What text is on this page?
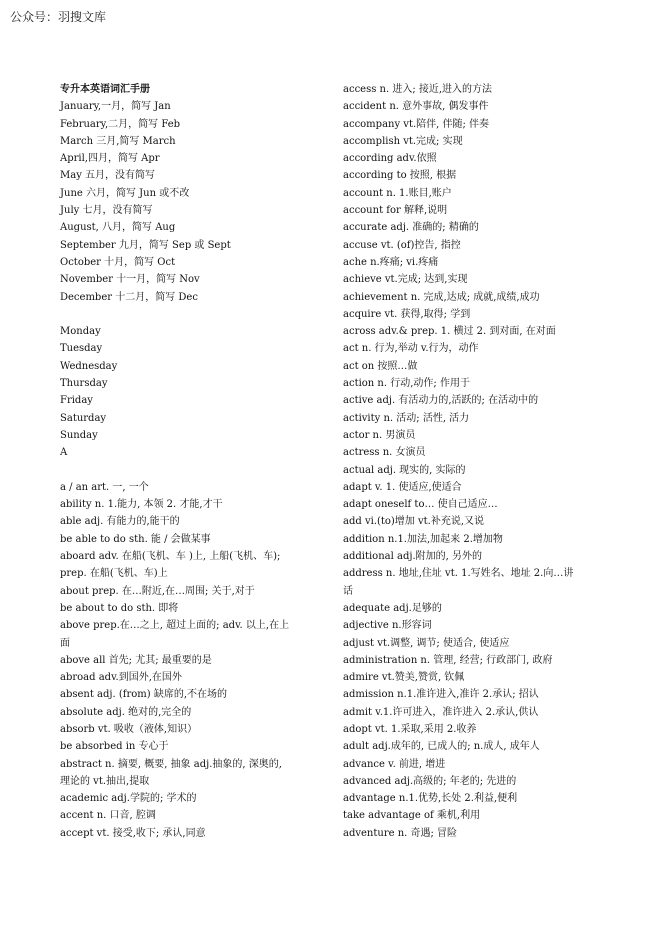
公众号：羽搜文库
专升本英语词汇手册
January,一月，简写 Jan
February,二月，简写 Feb
March 三月,简写 March
April,四月，简写 Apr
May 五月，没有简写
June 六月，简写 Jun 或不改
July 七月，没有简写
August, 八月，简写 Aug
September 九月，简写 Sep 或 Sept
October 十月，简写 Oct
November 十一月，简写 Nov
December 十二月，简写 Dec
Monday
Tuesday
Wednesday
Thursday
Friday
Saturday
Sunday
A
a / an art. 一, 一个
ability n. 1.能力, 本领 2. 才能,才干
able adj. 有能力的,能干的
be able to do sth. 能 / 会做某事
aboard adv. 在船(飞机、车 )上, 上船(飞机、车);
prep. 在船(飞机、车)上
about prep. 在…附近,在…周围; 关于,对于
be about to do sth. 即将
above prep.在…之上, 超过上面的; adv. 以上,在上
面
above all 首先; 尤其; 最重要的是
abroad adv.到国外,在国外
absent adj. (from) 缺席的,不在场的
absolute adj. 绝对的,完全的
absorb vt. 吸收（液体,知识）
be absorbed in 专心于
abstract n. 摘要, 概要, 抽象 adj.抽象的, 深奥的,
理论的 vt.抽出,提取
academic adj.学院的; 学术的
accent n. 口音, 腔调
accept vt. 接受,收下; 承认,同意
access n. 进入; 接近,进入的方法
accident n. 意外事故, 偶发事件
accompany vt.陪伴, 伴随; 伴奏
accomplish vt.完成; 实现
according adv.依照
according to 按照, 根据
account n. 1.账目,账户
account for 解释,说明
accurate adj. 准确的; 精确的
accuse vt. (of)控告, 指控
ache n.疼痛; vi.疼痛
achieve vt.完成; 达到,实现
achievement n. 完成,达成; 成就,成绩,成功
acquire vt. 获得,取得; 学到
across adv.& prep. 1. 横过 2. 到对面, 在对面
act n. 行为,举动 v.行为，动作
act on 按照…做
action n. 行动,动作; 作用于
active adj. 有活动力的,活跃的; 在活动中的
activity n. 活动; 活性, 活力
actor n. 男演员
actress n. 女演员
actual adj. 现实的, 实际的
adapt v. 1. 使适应,使适合
adapt oneself to… 使自己适应…
add vi.(to)增加 vt.补充说,又说
addition n.1.加法,加起来 2.增加物
additional adj.附加的, 另外的
address n. 地址,住址 vt. 1.写姓名、地址 2.向…讲
话
adequate adj.足够的
adjective n.形容词
adjust vt.调整, 调节; 使适合, 使适应
administration n. 管理, 经营; 行政部门, 政府
admire vt.赞美,赞赏, 钦佩
admission n.1.准许进入,准许 2.承认; 招认
admit v.1.许可进入，准许进入 2.承认,供认
adopt vt. 1.采取,采用 2.收养
adult adj.成年的, 已成人的; n.成人, 成年人
advance v. 前进, 增进
advanced adj.高级的; 年老的; 先进的
advantage n.1.优势,长处 2.利益,便利
take advantage of 乘机,利用
adventure n. 奇遇; 冒险
